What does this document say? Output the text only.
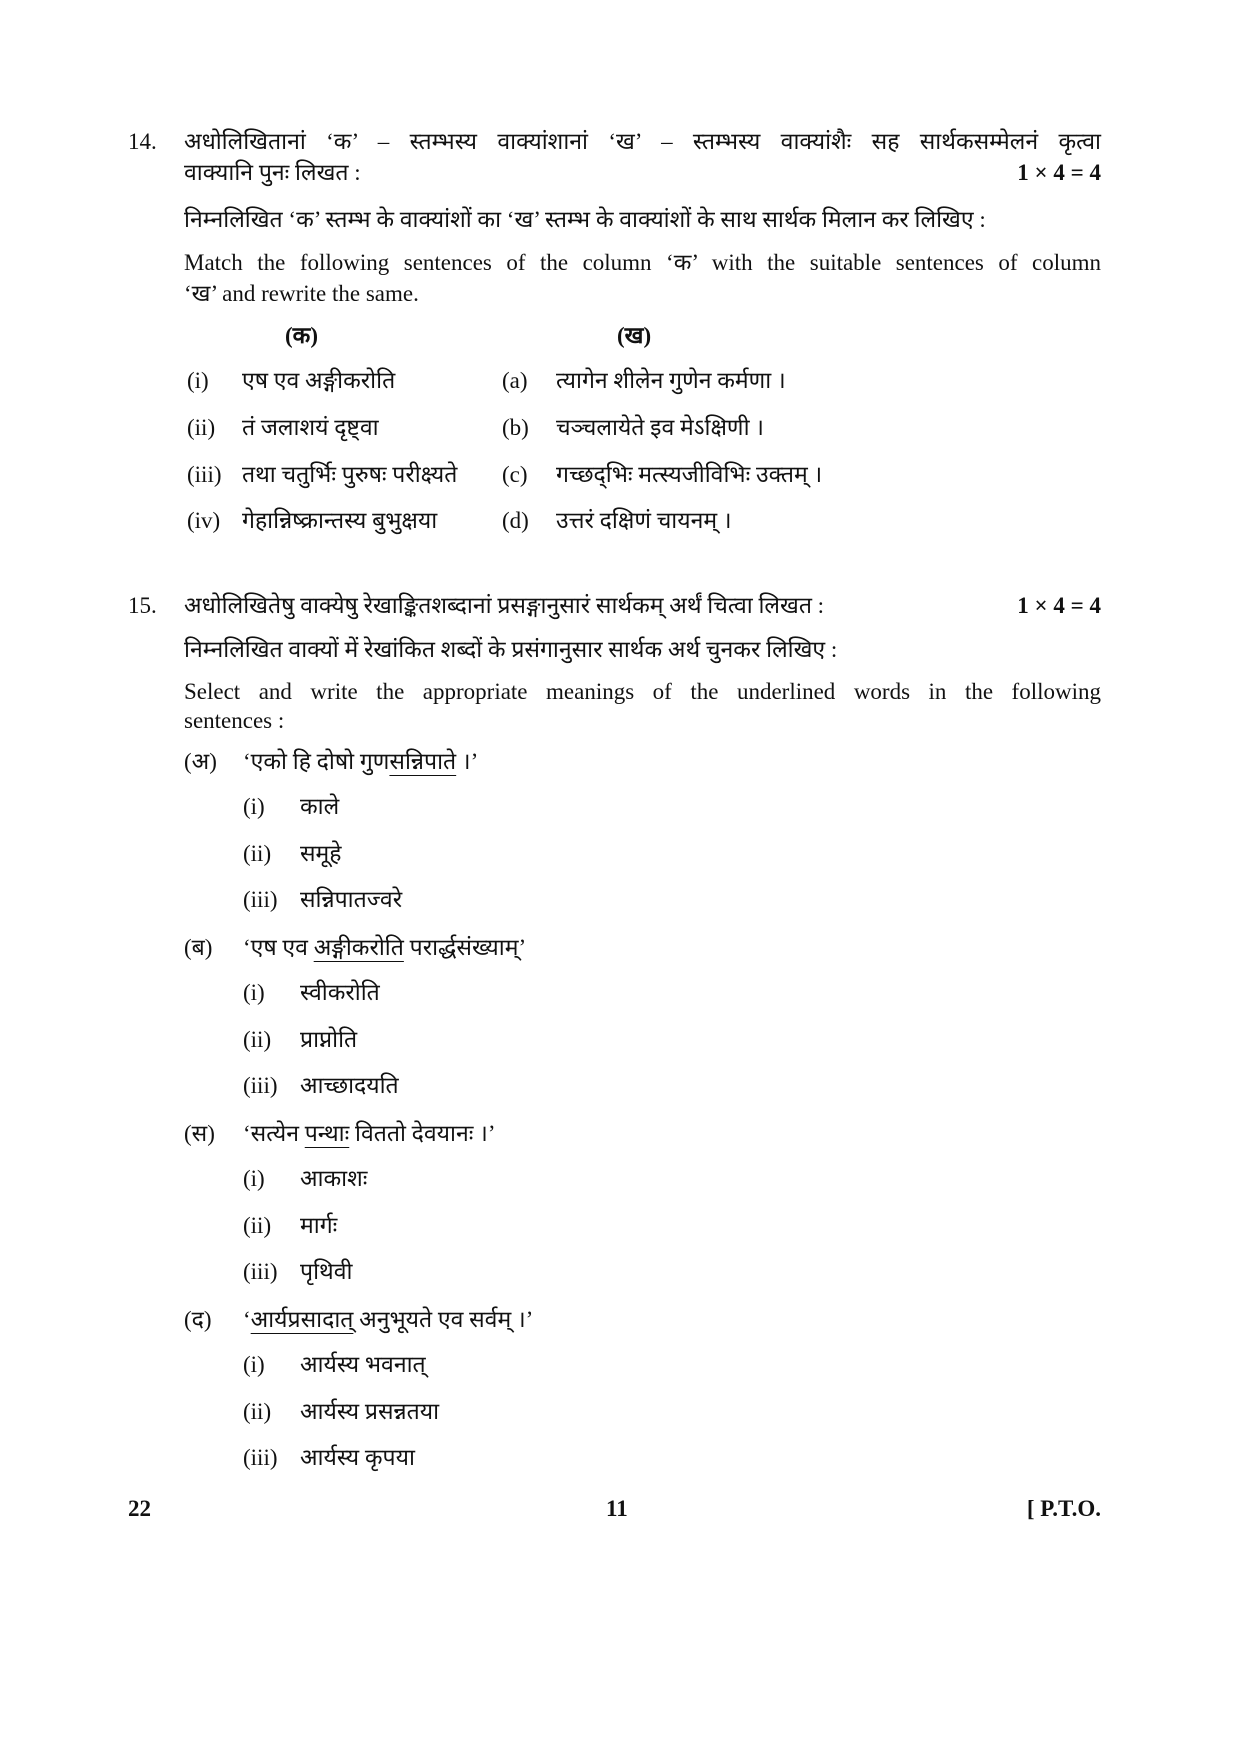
14. अधोलिखितानां ‘क’ – स्तम्भस्य वाक्यांशानां ‘ख’ – स्तम्भस्य वाक्यांशैः सह सार्थकसम्मेलनं कृत्वा
वाक्यानि पुनः लिखत :	1 × 4 = 4
निम्नलिखित ‘क’ स्तम्भ के वाक्यांशों का ‘ख’ स्तम्भ के वाक्यांशों के साथ सार्थक मिलान कर लिखिए :
Match the following sentences of the column ‘क’ with the suitable sentences of column
‘ख’ and rewrite the same.
(क)	(ख)
(i) एष एव अङ्गीकरोति	(a) त्यागेन शीलेन गुणेन कर्मणा ।
(ii) तं जलाशयं दृष्ट्वा	(b) चञ्चलायेते इव मेऽक्षिणी ।
(iii) तथा चतुर्भिः पुरुषः परीक्ष्यते (c) गच्छद्‌भिः मत्स्यजीविभिः उक्तम् ।
(iv) गेहान्निष्क्रान्तस्य बुभुक्षया	(d) उत्तरं दक्षिणं चायनम् ।
15. अधोलिखितेषु वाक्येषु रेखाङ्कितशब्दानां प्रसङ्गानुसारं सार्थकम् अर्थं चित्वा लिखत :	1 × 4 = 4
निम्नलिखित वाक्यों में रेखांकित शब्दों के प्रसंगानुसार सार्थक अर्थ चुनकर लिखिए :
Select and write the appropriate meanings of the underlined words in the following
sentences :
(अ) ‘एको हि दोषो गुणसन्निपाते ।’
(i) काले
(ii) समूहे
(iii) सन्निपातज्वरे
(ब) ‘एष एव अङ्गीकरोति परार्द्धसंख्याम्’
(i) स्वीकरोति
(ii) प्राप्नोति
(iii) आच्छादयति
(स) ‘सत्येन पन्थाः विततो देवयानः ।’
(i) आकाशः
(ii) मार्गः
(iii) पृथिवी
(द) ‘आर्यप्रसादात् अनुभूयते एव सर्वम् ।’
(i) आर्यस्य भवनात्
(ii) आर्यस्य प्रसन्नतया
(iii) आर्यस्य कृपया
22	11	[ P.T.O.
